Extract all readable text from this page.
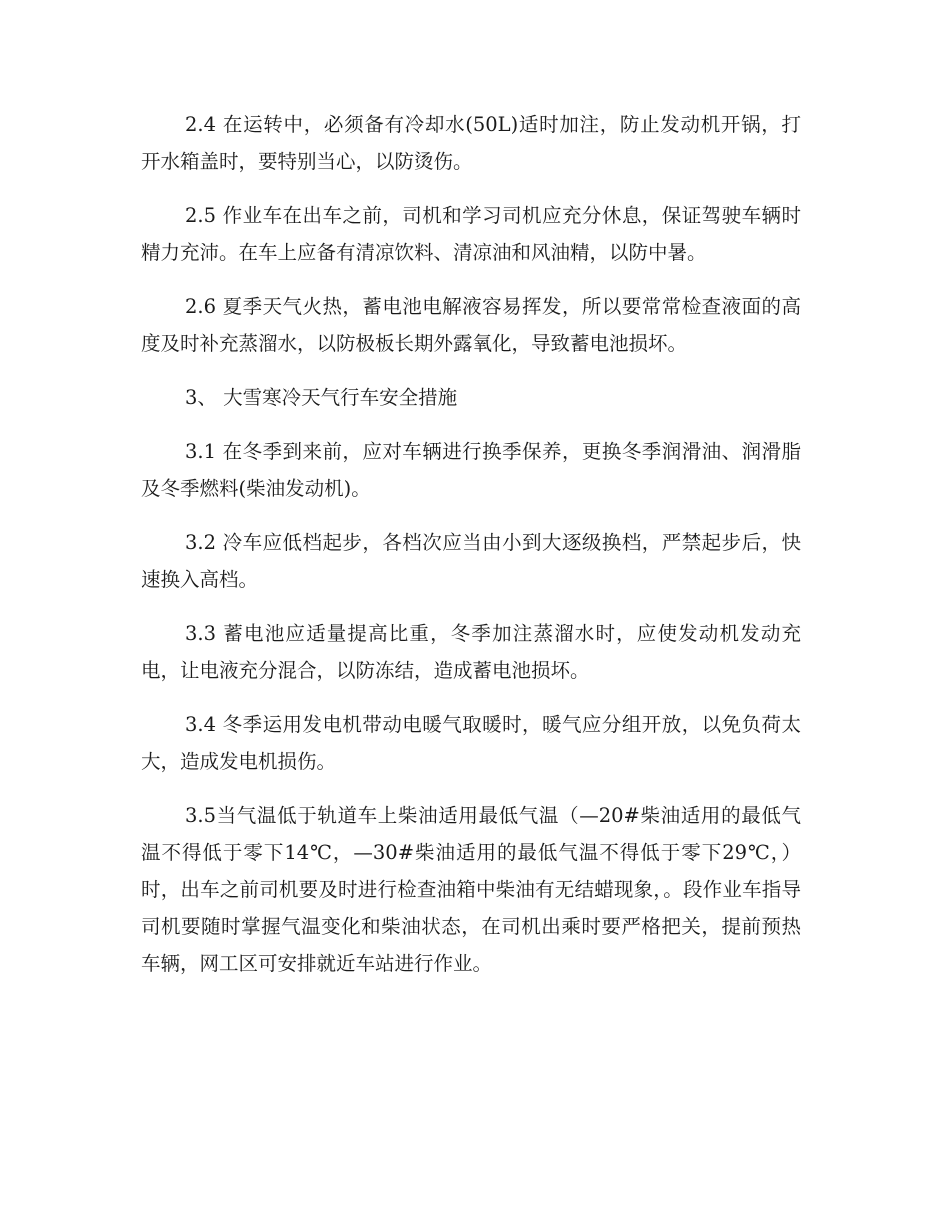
2.4 在运转中，必须备有冷却水(50L)适时加注，防止发动机开锅，打开水箱盖时，要特别当心，以防烫伤。

2.5 作业车在出车之前，司机和学习司机应充分休息，保证驾驶车辆时精力充沛。在车上应备有清凉饮料、清凉油和风油精，以防中暑。

2.6 夏季天气火热，蓄电池电解液容易挥发，所以要常常检查液面的高度及时补充蒸溜水，以防极板长期外露氧化，导致蓄电池损坏。

3、 大雪寒冷天气行车安全措施

3.1 在冬季到来前，应对车辆进行换季保养，更换冬季润滑油、润滑脂及冬季燃料(柴油发动机)。

3.2 冷车应低档起步，各档次应当由小到大逐级换档，严禁起步后，快速换入高档。

3.3 蓄电池应适量提高比重，冬季加注蒸溜水时，应使发动机发动充电，让电液充分混合，以防冻结，造成蓄电池损坏。

3.4 冬季运用发电机带动电暖气取暖时，暖气应分组开放，以免负荷太大，造成发电机损伤。

3.5当气温低于轨道车上柴油适用最低气温（—20#柴油适用的最低气温不得低于零下14℃，—30#柴油适用的最低气温不得低于零下29℃，）时，出车之前司机要及时进行检查油箱中柴油有无结蜡现象，。段作业车指导司机要随时掌握气温变化和柴油状态，在司机出乘时要严格把关，提前预热车辆，网工区可安排就近车站进行作业。
